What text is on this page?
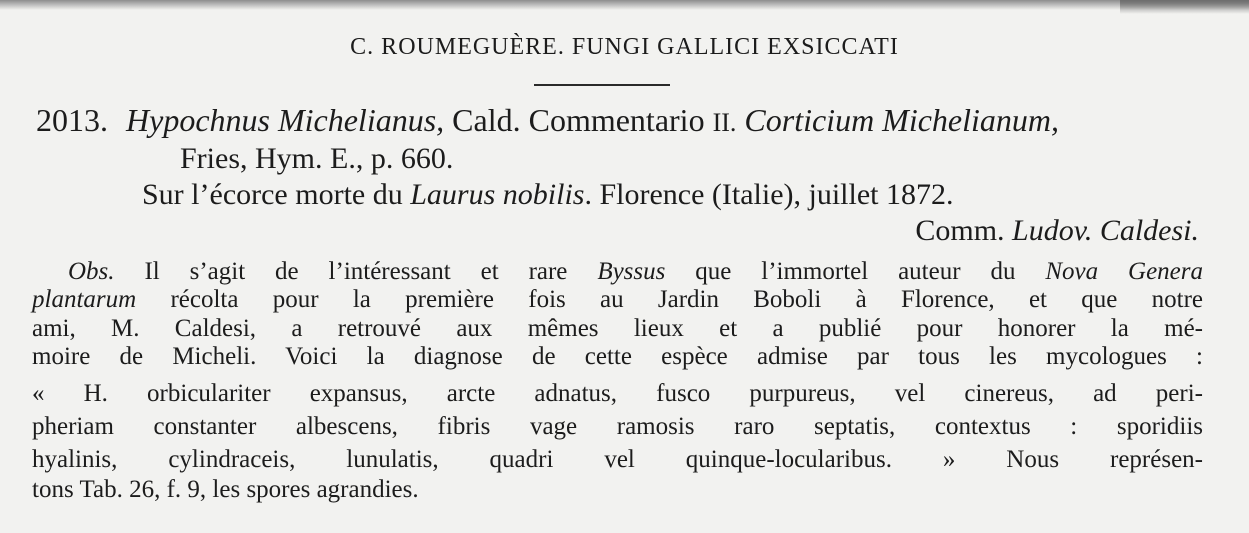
C. ROUMEGUÈRE. FUNGI GALLICI EXSICCATI
2013. Hypochnus Michelianus, Cald. Commentario II. Corticium Michelianum,
Fries, Hym. E., p. 660.
Sur l’écorce morte du Laurus nobilis. Florence (Italie), juillet 1872.
Comm. Ludov. Caldesi.
Obs. Il s’agit de l’intéressant et rare Byssus que l’immortel auteur du Nova Genera
plantarum récolta pour la première fois au Jardin Boboli à Florence, et que notre
ami, M. Caldesi, a retrouvé aux mêmes lieux et a publié pour honorer la mé-
moire de Micheli. Voici la diagnose de cette espèce admise par tous les mycologues :
« H. orbiculariter expansus, arcte adnatus, fusco purpureus, vel cinereus, ad peri-
pheriam constanter albescens, fibris vage ramosis raro septatis, contextus : sporidiis
hyalinis, cylindraceis, lunulatis, quadri vel quinque-locularibus. » Nous représen-
tons Tab. 26, f. 9, les spores agrandies.
